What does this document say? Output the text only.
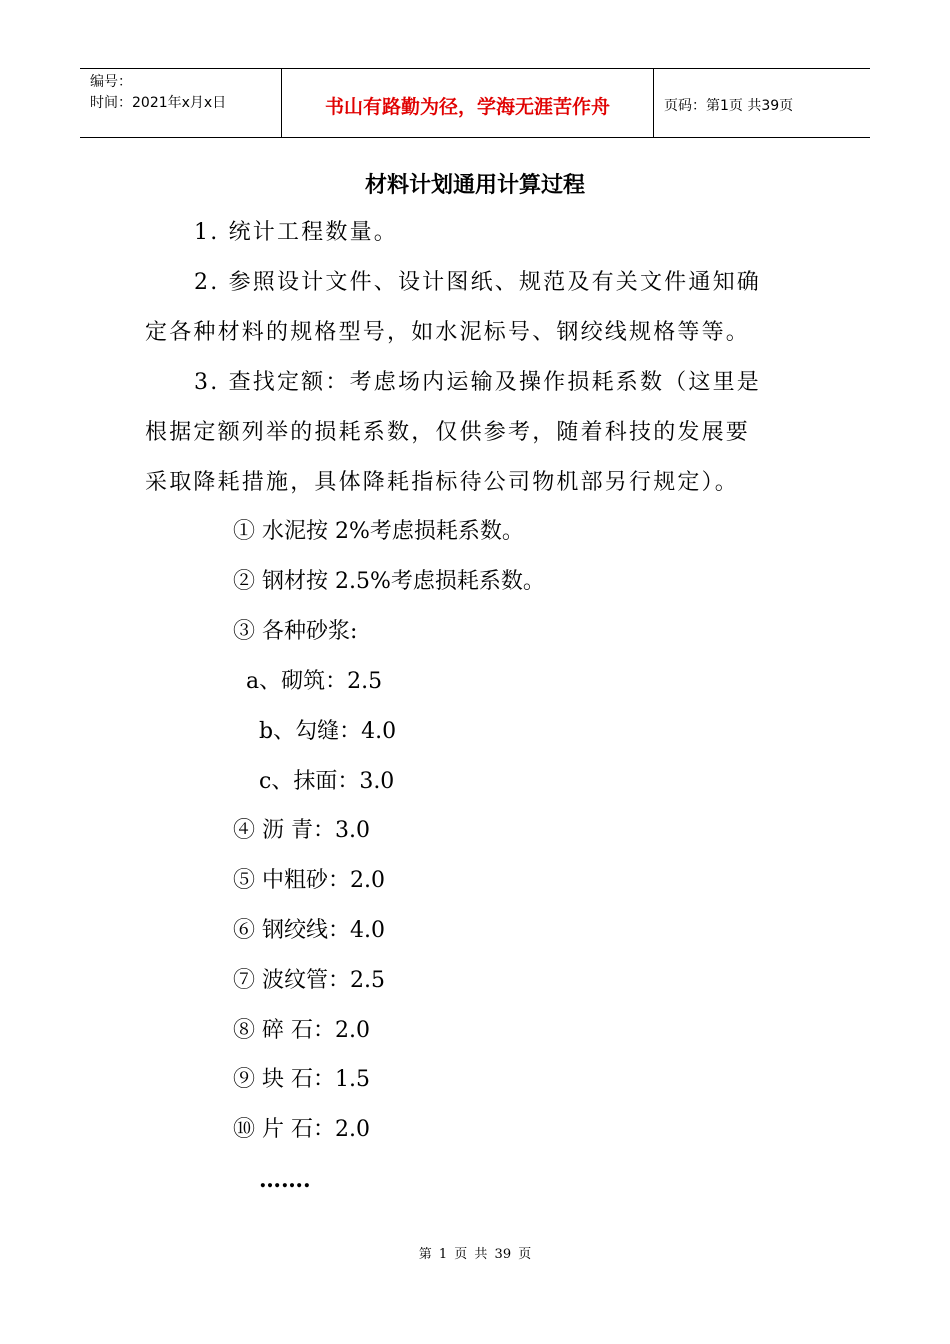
编号：
时间：2021年x月x日	书山有路勤为径，学海无涯苦作舟	页码：第1页 共39页
材料计划通用计算过程
1. 统计工程数量。
2. 参照设计文件、设计图纸、规范及有关文件通知确
定各种材料的规格型号，如水泥标号、钢绞线规格等等。
3. 查找定额：考虑场内运输及操作损耗系数（这里是
根据定额列举的损耗系数，仅供参考，随着科技的发展要
采取降耗措施，具体降耗指标待公司物机部另行规定）。
① 水泥按 2%考虑损耗系数。
② 钢材按 2.5%考虑损耗系数。
③ 各种砂浆:
a、砌筑：2.5
b、勾缝：4.0
c、抹面：3.0
④ 沥 青：3.0
⑤ 中粗砂：2.0
⑥ 钢绞线：4.0
⑦ 波纹管：2.5
⑧ 碎 石：2.0
⑨ 块 石：1.5
⑩ 片 石：2.0
…….
第 1 页 共 39 页
